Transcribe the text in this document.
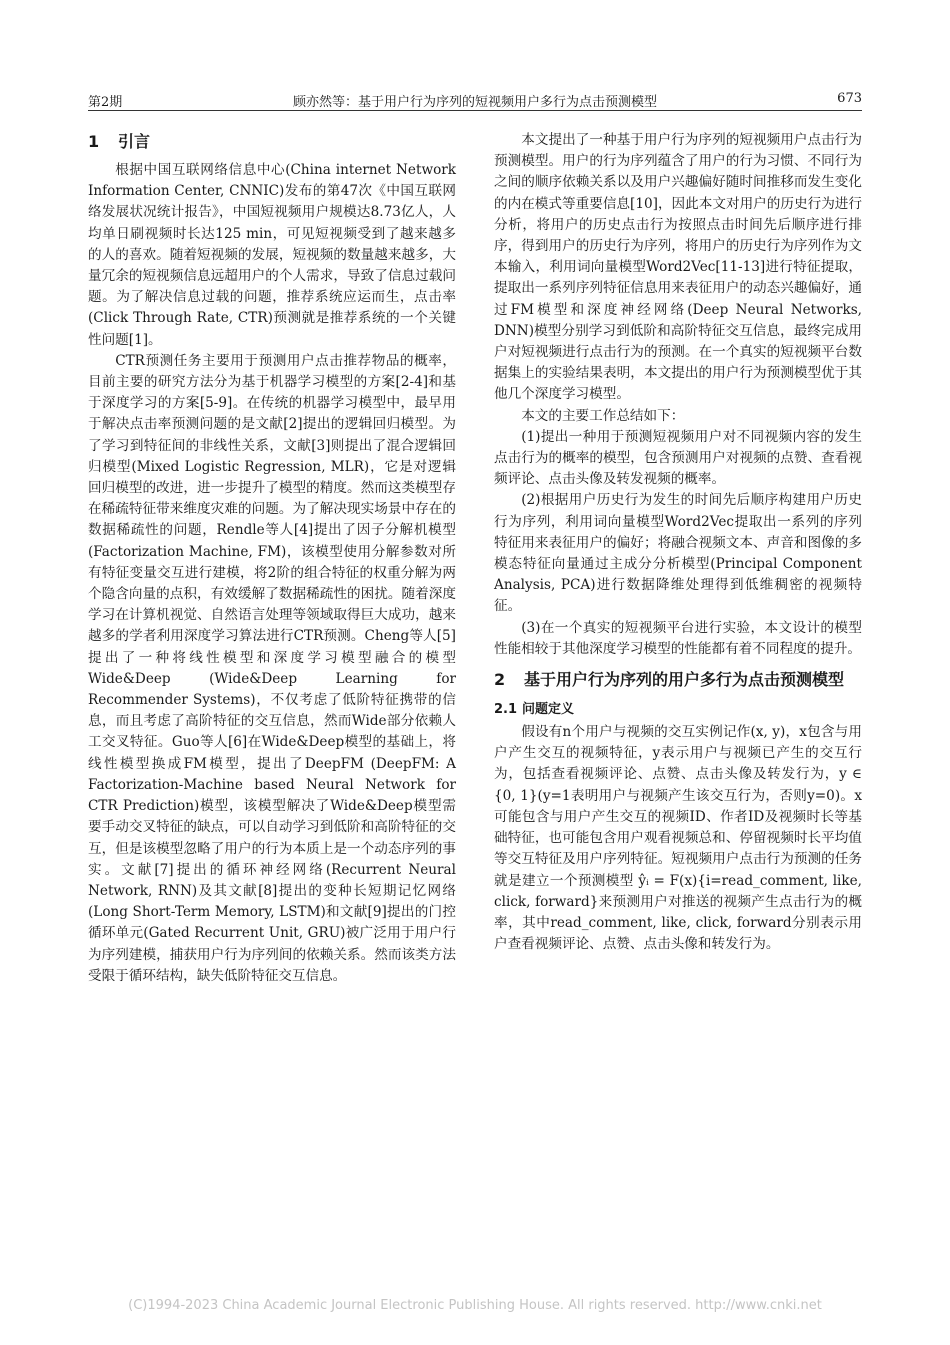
第2期	顾亦然等：基于用户行为序列的短视频用户多行为点击预测模型	673
1 引言

根据中国互联网络信息中心(China internet Network Information Center, CNNIC)发布的第47次《中国互联网络发展状况统计报告》，中国短视频用户规模达8.73亿人，人均单日刷视频时长达125 min，可见短视频受到了越来越多的人的喜欢。随着短视频的发展，短视频的数量越来越多，大量冗余的短视频信息远超用户的个人需求，导致了信息过载问题。为了解决信息过载的问题，推荐系统应运而生，点击率(Click Through Rate, CTR)预测就是推荐系统的一个关键性问题[1]。

CTR预测任务主要用于预测用户点击推荐物品的概率，目前主要的研究方法分为基于机器学习模型的方案[2-4]和基于深度学习的方案[5-9]。在传统的机器学习模型中，最早用于解决点击率预测问题的是文献[2]提出的逻辑回归模型。为了学习到特征间的非线性关系，文献[3]则提出了混合逻辑回归模型(Mixed Logistic Regression, MLR)，它是对逻辑回归模型的改进，进一步提升了模型的精度。然而这类模型存在稀疏特征带来维度灾难的问题。为了解决现实场景中存在的数据稀疏性的问题，Rendle等人[4]提出了因子分解机模型(Factorization Machine, FM)，该模型使用分解参数对所有特征变量交互进行建模，将2阶的组合特征的权重分解为两个隐含向量的点积，有效缓解了数据稀疏性的困扰。随着深度学习在计算机视觉、自然语言处理等领域取得巨大成功，越来越多的学者利用深度学习算法进行CTR预测。Cheng等人[5]提出了一种将线性模型和深度学习模型融合的模型Wide&Deep (Wide&Deep Learning for Recommender Systems)，不仅考虑了低阶特征携带的信息，而且考虑了高阶特征的交互信息，然而Wide部分依赖人工交叉特征。Guo等人[6]在Wide&Deep模型的基础上，将线性模型换成FM模型，提出了DeepFM (DeepFM: A Factorization-Machine based Neural Network for CTR Prediction)模型，该模型解决了Wide&Deep模型需要手动交叉特征的缺点，可以自动学习到低阶和高阶特征的交互，但是该模型忽略了用户的行为本质上是一个动态序列的事实。文献[7]提出的循环神经网络(Recurrent Neural Network, RNN)及其文献[8]提出的变种长短期记忆网络(Long Short-Term Memory, LSTM)和文献[9]提出的门控循环单元(Gated Recurrent Unit, GRU)被广泛用于用户行为序列建模，捕获用户行为序列间的依赖关系。然而该类方法受限于循环结构，缺失低阶特征交互信息。

本文提出了一种基于用户行为序列的短视频用户点击行为预测模型。用户的行为序列蕴含了用户的行为习惯、不同行为之间的顺序依赖关系以及用户兴趣偏好随时间推移而发生变化的内在模式等重要信息[10]，因此本文对用户的历史行为进行分析，将用户的历史点击行为按照点击时间先后顺序进行排序，得到用户的历史行为序列，将用户的历史行为序列作为文本输入，利用词向量模型Word2Vec[11-13]进行特征提取，提取出一系列序列特征信息用来表征用户的动态兴趣偏好，通过FM模型和深度神经网络(Deep Neural Networks, DNN)模型分别学习到低阶和高阶特征交互信息，最终完成用户对短视频进行点击行为的预测。在一个真实的短视频平台数据集上的实验结果表明，本文提出的用户行为预测模型优于其他几个深度学习模型。

本文的主要工作总结如下：

(1)提出一种用于预测短视频用户对不同视频内容的发生点击行为的概率的模型，包含预测用户对视频的点赞、查看视频评论、点击头像及转发视频的概率。

(2)根据用户历史行为发生的时间先后顺序构建用户历史行为序列，利用词向量模型Word2Vec提取出一系列的序列特征用来表征用户的偏好；将融合视频文本、声音和图像的多模态特征向量通过主成分分析模型(Principal Component Analysis, PCA)进行数据降维处理得到低维稠密的视频特征。

(3)在一个真实的短视频平台进行实验，本文设计的模型性能相较于其他深度学习模型的性能都有着不同程度的提升。

2	基于用户行为序列的用户多行为点击预测模型
2.1 问题定义

假设有n个用户与视频的交互实例记作(x, y)，x包含与用户产生交互的视频特征，y表示用户与视频已产生的交互行为，包括查看视频评论、点赞、点击头像及转发行为，y ∈ {0, 1}(y=1表明用户与视频产生该交互行为，否则y=0)。x可能包含与用户产生交互的视频ID、作者ID及视频时长等基础特征，也可能包含用户观看视频总和、停留视频时长平均值等交互特征及用户序列特征。短视频用户点击行为预测的任务就是建立一个预测模型 ŷᵢ = F(x){i=read_comment, like, click, forward}来预测用户对推送的视频产生点击行为的概率，其中read_comment, like, click, forward分别表示用户查看视频评论、点赞、点击头像和转发行为。

(C)1994-2023 China Academic Journal Electronic Publishing House. All rights reserved. http://www.cnki.net
